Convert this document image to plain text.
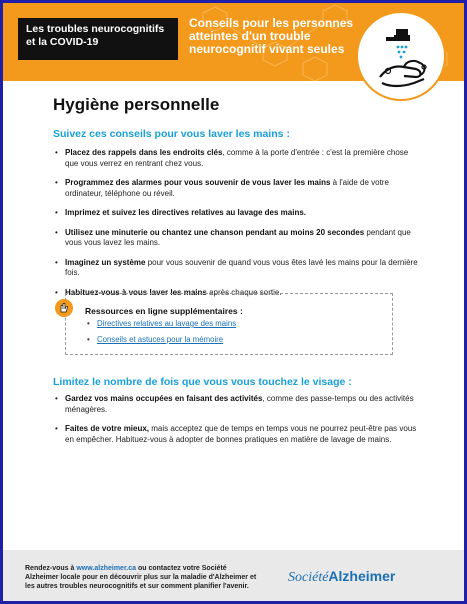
Les troubles neurocognitifs et la COVID-19
Conseils pour les personnes atteintes d'un trouble neurocognitif vivant seules
Hygiène personnelle
Suivez ces conseils pour vous laver les mains :
• Placez des rappels dans les endroits clés, comme à la porte d'entrée : c'est la première chose que vous verrez en rentrant chez vous.
• Programmez des alarmes pour vous souvenir de vous laver les mains à l'aide de votre ordinateur, téléphone ou réveil.
• Imprimez et suivez les directives relatives au lavage des mains.
• Utilisez une minuterie ou chantez une chanson pendant au moins 20 secondes pendant que vous vous lavez les mains.
• Imaginez un système pour vous souvenir de quand vous vous êtes lavé les mains pour la dernière fois.
• Habituez-vous à vous laver les mains après chaque sortie.
Ressources en ligne supplémentaires :
• Directives relatives au lavage des mains
• Conseils et astuces pour la mémoire
Limitez le nombre de fois que vous vous touchez le visage :
• Gardez vos mains occupées en faisant des activités, comme des passe-temps ou des activités ménagères.
• Faites de votre mieux, mais acceptez que de temps en temps vous ne pourrez peut-être pas vous en empêcher. Habituez-vous à adopter de bonnes pratiques en matière de lavage de mains.
Rendez-vous à www.alzheimer.ca ou contactez votre Société Alzheimer locale pour en découvrir plus sur la maladie d'Alzheimer et les autres troubles neurocognitifs et sur comment planifier l'avenir.
SociétéAlzheimer
